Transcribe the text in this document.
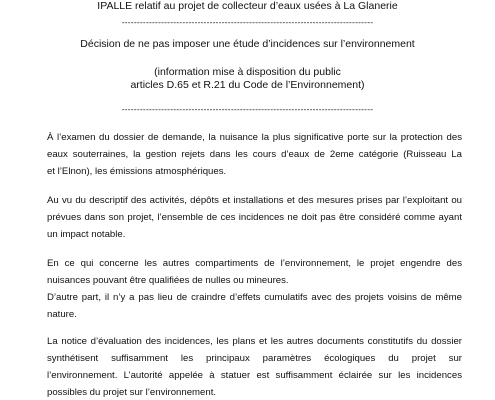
IPALLE relatif au projet de collecteur d’eaux usées à La Glanerie
-----------------------------------------------------------------------------------
Décision de ne pas imposer une étude d’incidences sur l’environnement
(information mise à disposition du public
articles D.65 et R.21 du Code de l’Environnement)
-----------------------------------------------------------------------------------
À l’examen du dossier de demande, la nuisance la plus significative porte sur la protection des
eaux souterraines, la gestion rejets dans les cours d’eaux de 2eme catégorie (Ruisseau La
et l’Elnon), les émissions atmosphériques.
Au vu du descriptif des activités, dépôts et installations et des mesures prises par l’exploitant ou
prévues dans son projet, l’ensemble de ces incidences ne doit pas être considéré comme ayant
un impact notable.
En ce qui concerne les autres compartiments de l’environnement, le projet engendre des
nuisances pouvant être qualifiées de nulles ou mineures.
D’autre part, il n’y a pas lieu de craindre d’effets cumulatifs avec des projets voisins de même
nature.
La notice d’évaluation des incidences, les plans et les autres documents constitutifs du dossier
synthétisent suffisamment les principaux paramètres écologiques du projet sur
l’environnement. L’autorité appelée à statuer est suffisamment éclairée sur les incidences
possibles du projet sur l’environnement.
